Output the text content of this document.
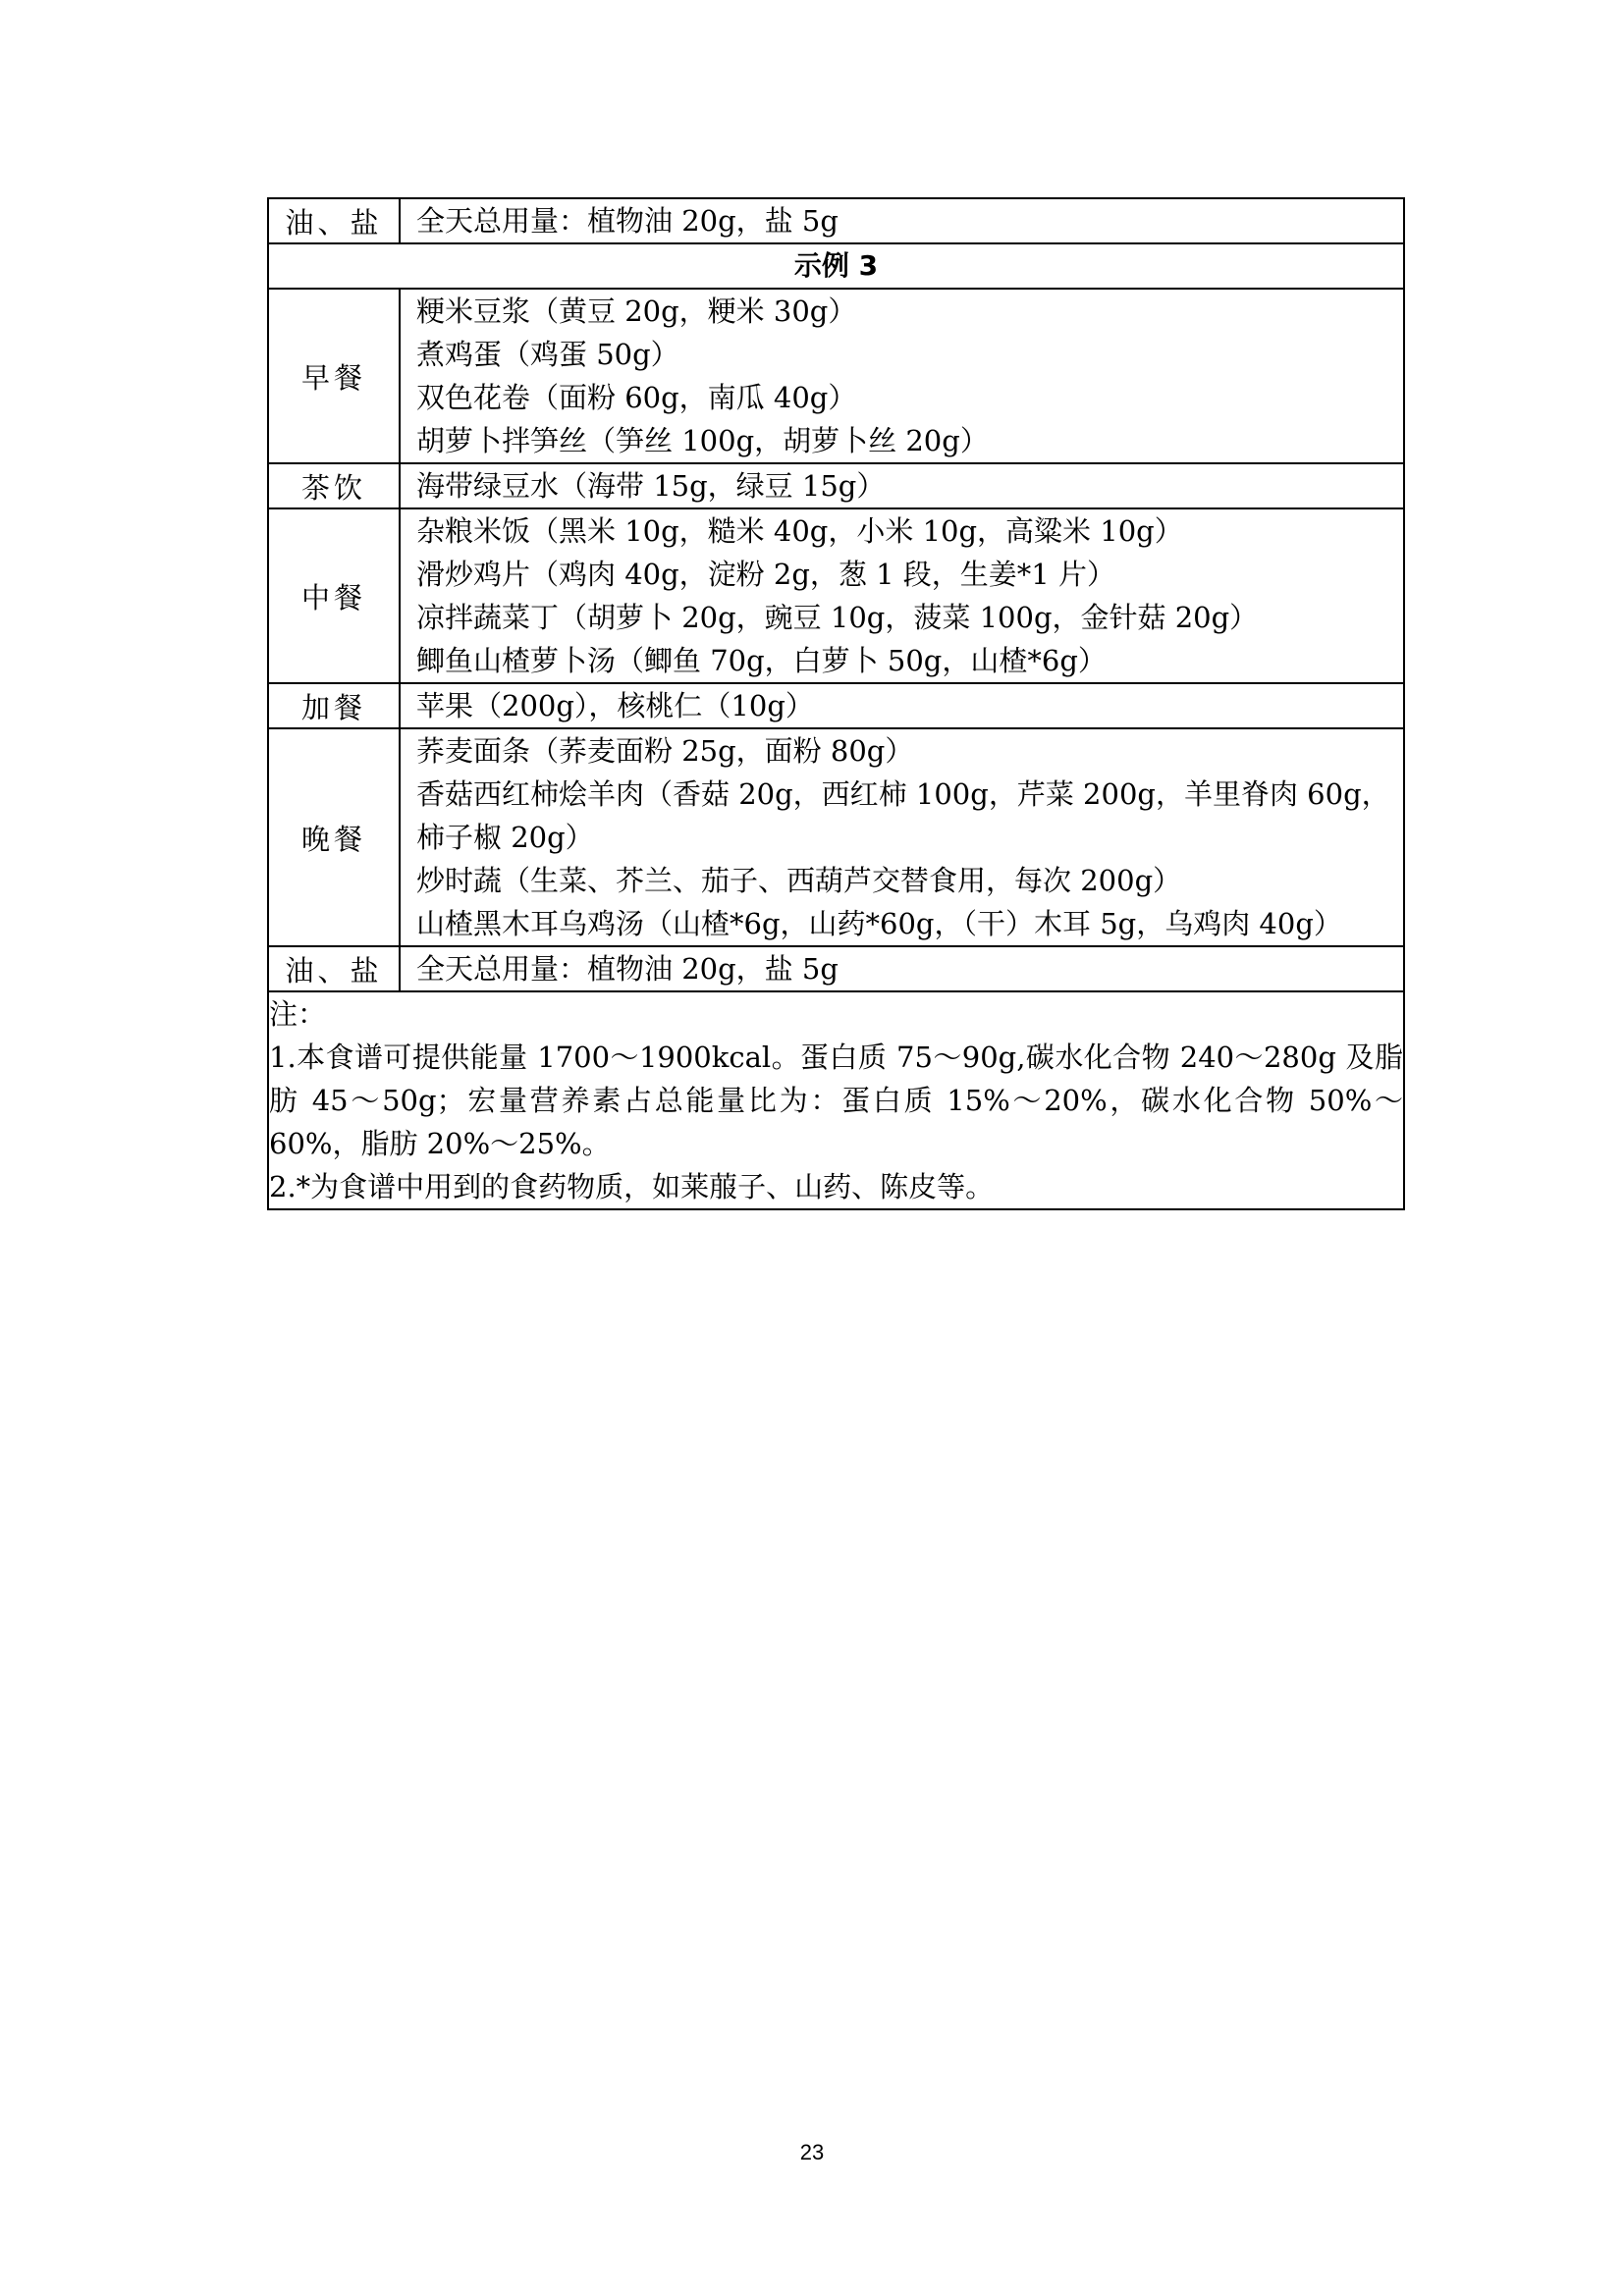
油、盐	全天总用量：植物油 20g，盐 5g

示例 3	
早餐	粳米豆浆（黄豆 20g，粳米 30g）
煮鸡蛋（鸡蛋 50g）
双色花卷（面粉 60g，南瓜 40g）
胡萝卜拌笋丝（笋丝 100g，胡萝卜丝 20g）

茶饮	海带绿豆水（海带 15g，绿豆 15g）

中餐	杂粮米饭（黑米 10g，糙米 40g，小米 10g，高粱米 10g）
滑炒鸡片（鸡肉 40g，淀粉 2g，葱 1 段，生姜*1 片）
凉拌蔬菜丁（胡萝卜 20g，豌豆 10g，菠菜 100g，金针菇 20g）
鲫鱼山楂萝卜汤（鲫鱼 70g，白萝卜 50g，山楂*6g）

加餐	苹果（200g），核桃仁（10g）

晚餐	荞麦面条（荞麦面粉 25g，面粉 80g）
香菇西红柿烩羊肉（香菇 20g，西红柿 100g，芹菜 200g，羊里脊肉 60g，柿子椒 20g）
炒时蔬（生菜、芥兰、茄子、西葫芦交替食用，每次 200g）
山楂黑木耳乌鸡汤（山楂*6g，山药*60g，（干）木耳 5g，乌鸡肉 40g）

油、盐	全天总用量：植物油 20g，盐 5g

注：
1.本食谱可提供能量 1700～1900kcal。蛋白质 75～90g,碳水化合物 240～280g 及脂肪 45～50g；宏量营养素占总能量比为：蛋白质 15%～20%，碳水化合物 50%～60%，脂肪 20%～25%。
2.*为食谱中用到的食药物质，如莱菔子、山药、陈皮等。	
23
